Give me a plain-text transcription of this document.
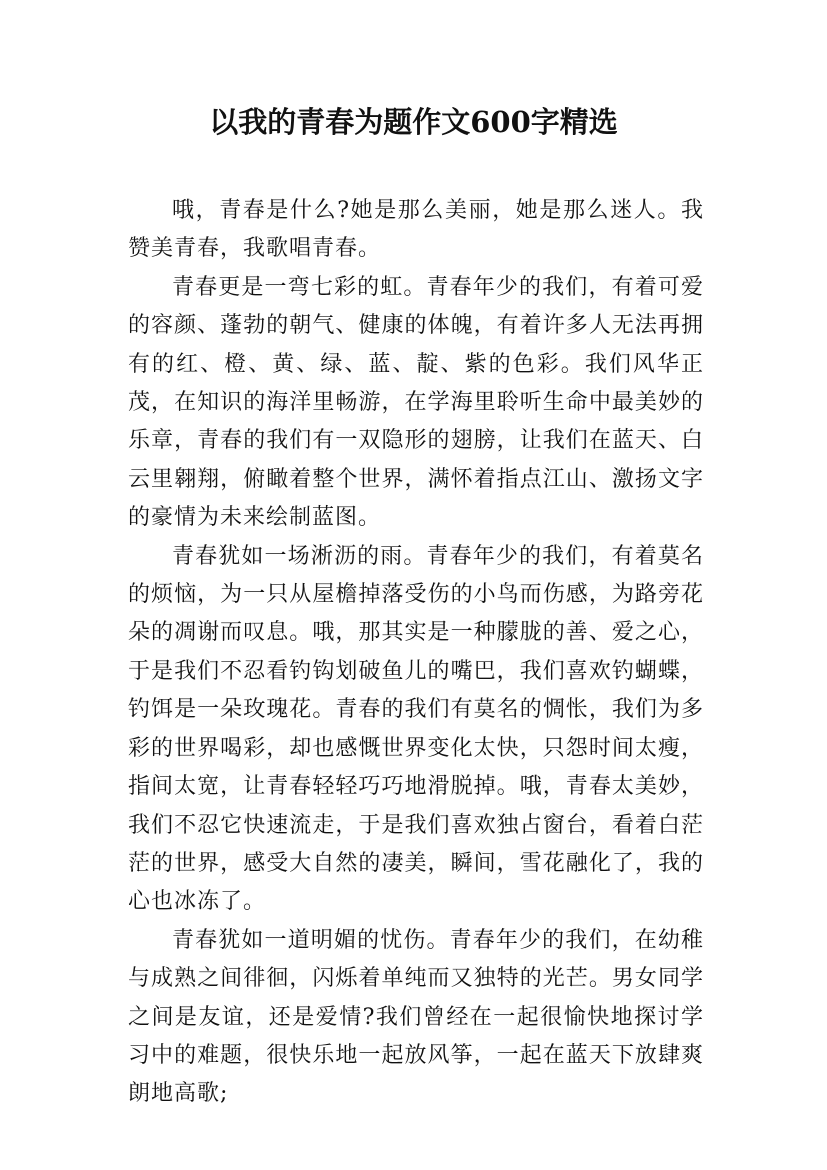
以我的青春为题作文600字精选

哦，青春是什么?她是那么美丽，她是那么迷人。我赞美青春，我歌唱青春。

青春更是一弯七彩的虹。青春年少的我们，有着可爱的容颜、蓬勃的朝气、健康的体魄，有着许多人无法再拥有的红、橙、黄、绿、蓝、靛、紫的色彩。我们风华正茂，在知识的海洋里畅游，在学海里聆听生命中最美妙的乐章，青春的我们有一双隐形的翅膀，让我们在蓝天、白云里翱翔，俯瞰着整个世界，满怀着指点江山、激扬文字的豪情为未来绘制蓝图。

青春犹如一场淅沥的雨。青春年少的我们，有着莫名的烦恼，为一只从屋檐掉落受伤的小鸟而伤感，为路旁花朵的凋谢而叹息。哦，那其实是一种朦胧的善、爱之心，于是我们不忍看钓钩划破鱼儿的嘴巴，我们喜欢钓蝴蝶，钓饵是一朵玫瑰花。青春的我们有莫名的惆怅，我们为多彩的世界喝彩，却也感慨世界变化太快，只怨时间太瘦，指间太宽，让青春轻轻巧巧地滑脱掉。哦，青春太美妙，我们不忍它快速流走，于是我们喜欢独占窗台，看着白茫茫的世界，感受大自然的凄美，瞬间，雪花融化了，我的心也冰冻了。

青春犹如一道明媚的忧伤。青春年少的我们，在幼稚与成熟之间徘徊，闪烁着单纯而又独特的光芒。男女同学之间是友谊，还是爱情?我们曾经在一起很愉快地探讨学习中的难题，很快乐地一起放风筝，一起在蓝天下放肆爽朗地高歌;
